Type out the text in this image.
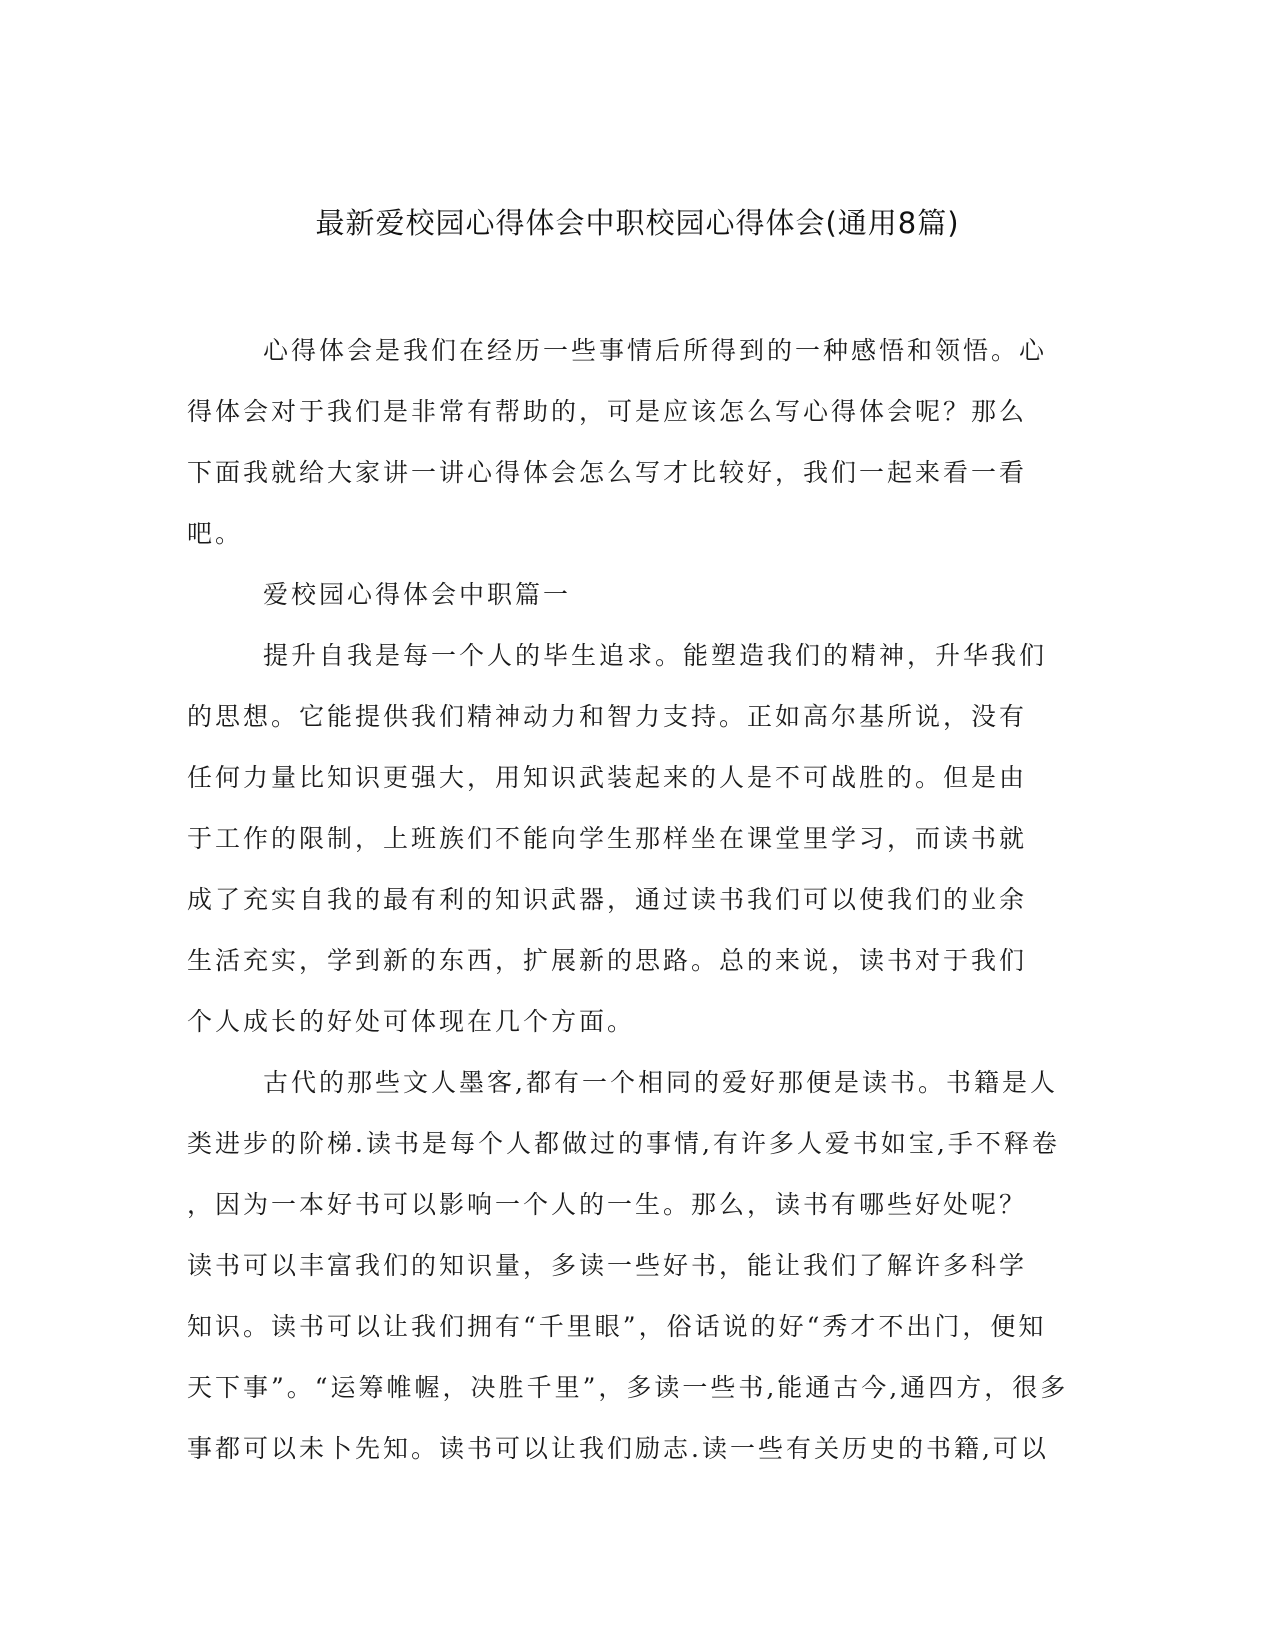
最新爱校园心得体会中职校园心得体会(通用8篇)
心得体会是我们在经历一些事情后所得到的一种感悟和领悟。心
得体会对于我们是非常有帮助的，可是应该怎么写心得体会呢？那么
下面我就给大家讲一讲心得体会怎么写才比较好，我们一起来看一看
吧。
爱校园心得体会中职篇一
提升自我是每一个人的毕生追求。能塑造我们的精神，升华我们
的思想。它能提供我们精神动力和智力支持。正如高尔基所说，没有
任何力量比知识更强大，用知识武装起来的人是不可战胜的。但是由
于工作的限制，上班族们不能向学生那样坐在课堂里学习，而读书就
成了充实自我的最有利的知识武器，通过读书我们可以使我们的业余
生活充实，学到新的东西，扩展新的思路。总的来说，读书对于我们
个人成长的好处可体现在几个方面。
古代的那些文人墨客,都有一个相同的爱好那便是读书。书籍是人
类进步的阶梯.读书是每个人都做过的事情,有许多人爱书如宝,手不释卷
，因为一本好书可以影响一个人的一生。那么，读书有哪些好处呢？
读书可以丰富我们的知识量，多读一些好书，能让我们了解许多科学
知识。读书可以让我们拥有“千里眼”，俗话说的好“秀才不出门，便知
天下事”。“运筹帷幄，决胜千里”，多读一些书,能通古今,通四方，很多
事都可以未卜先知。读书可以让我们励志.读一些有关历史的书籍,可以
